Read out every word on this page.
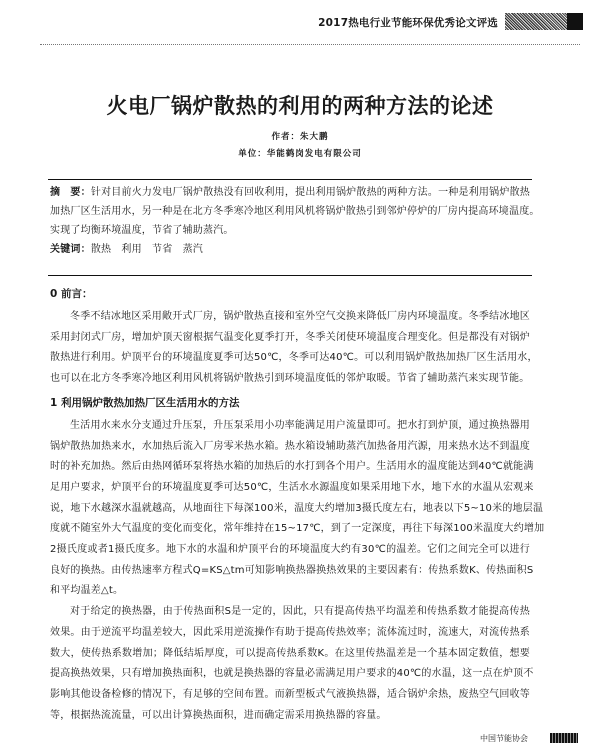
2017热电行业节能环保优秀论文评选
火电厂锅炉散热的利用的两种方法的论述
作者：朱大鹏
单位：华能鹤岗发电有限公司
摘　要：针对目前火力发电厂锅炉散热没有回收利用，提出利用锅炉散热的两种方法。一种是利用锅炉散热
加热厂区生活用水，另一种是在北方冬季寒冷地区利用风机将锅炉散热引到邻炉停炉的厂房内提高环境温度。
实现了均衡环境温度，节省了辅助蒸汽。
关键词：散热　利用　节省　蒸汽
0 前言：
冬季不结冰地区采用敞开式厂房，锅炉散热直接和室外空气交换来降低厂房内环境温度。冬季结冰地区
采用封闭式厂房，增加炉顶天窗根据气温变化夏季打开，冬季关闭使环境温度合理变化。但是都没有对锅炉
散热进行利用。炉顶平台的环境温度夏季可达50℃，冬季可达40℃。可以利用锅炉散热加热厂区生活用水，
也可以在北方冬季寒冷地区利用风机将锅炉散热引到环境温度低的邻炉取暖。节省了辅助蒸汽来实现节能。
1 利用锅炉散热加热厂区生活用水的方法
生活用水来水分支通过升压泵，升压泵采用小功率能满足用户流量即可。把水打到炉顶，通过换热器用
锅炉散热加热来水，水加热后流入厂房零米热水箱。热水箱设辅助蒸汽加热备用汽源，用来热水达不到温度
时的补充加热。然后由热网循环泵将热水箱的加热后的水打到各个用户。生活用水的温度能达到40℃就能满
足用户要求，炉顶平台的环境温度夏季可达50℃，生活水水源温度如果采用地下水，地下水的水温从宏观来
说，地下水越深水温就越高，从地面往下每深100米，温度大约增加3摄氏度左右，地表以下5~10米的地层温
度就不随室外大气温度的变化而变化，常年维持在15~17℃，到了一定深度，再往下每深100米温度大约增加
2摄氏度或者1摄氏度多。地下水的水温和炉顶平台的环境温度大约有30℃的温差。它们之间完全可以进行
良好的换热。由传热速率方程式Q=KS△tm可知影响换热器换热效果的主要因素有：传热系数K、传热面积S
和平均温差△t。
对于给定的换热器，由于传热面积S是一定的，因此，只有提高传热平均温差和传热系数才能提高传热
效果。由于逆流平均温差较大，因此采用逆流操作有助于提高传热效率；流体流过时，流速大，对流传热系
数大，使传热系数增加；降低结垢厚度，可以提高传热系数K。在这里传热温差是一个基本固定数值，想要
提高换热效果，只有增加换热面积，也就是换热器的容量必需满足用户要求的40℃的水温，这一点在炉顶不
影响其他设备检修的情况下，有足够的空间布置。而新型板式气液换热器，适合锅炉余热，废热空气回收等
等，根据热流流量，可以出计算换热面积，进而确定需采用换热器的容量。
中国节能协会
